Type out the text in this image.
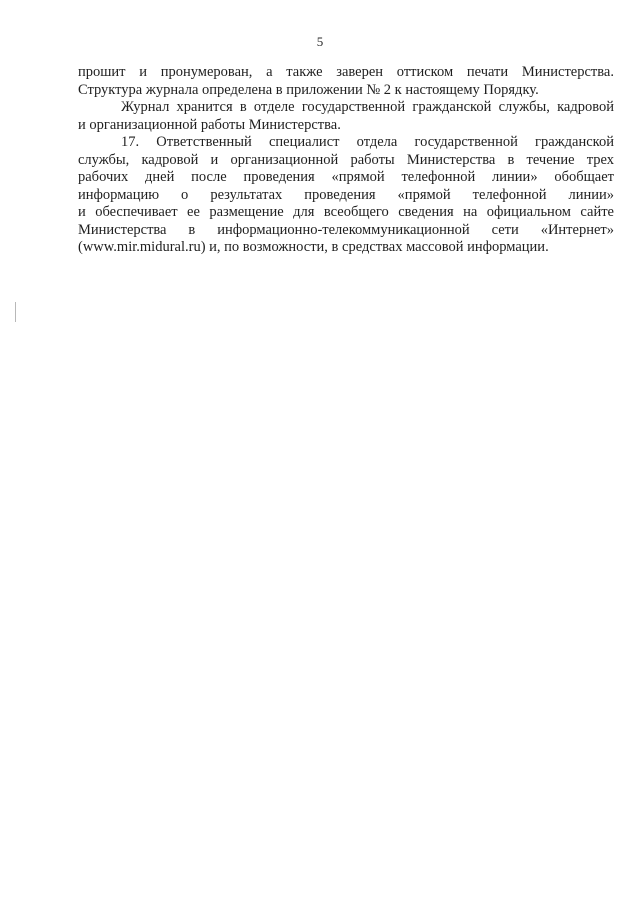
5
прошит и пронумерован, а также заверен оттиском печати Министерства.
Структура журнала определена в приложении № 2 к настоящему Порядку.
Журнал хранится в отделе государственной гражданской службы, кадровой
и организационной работы Министерства.
17. Ответственный специалист отдела государственной гражданской
службы, кадровой и организационной работы Министерства в течение трех
рабочих дней после проведения «прямой телефонной линии» обобщает
информацию о результатах проведения «прямой телефонной линии»
и обеспечивает ее размещение для всеобщего сведения на официальном сайте
Министерства в информационно-телекоммуникационной сети «Интернет»
(www.mir.midural.ru) и, по возможности, в средствах массовой информации.
